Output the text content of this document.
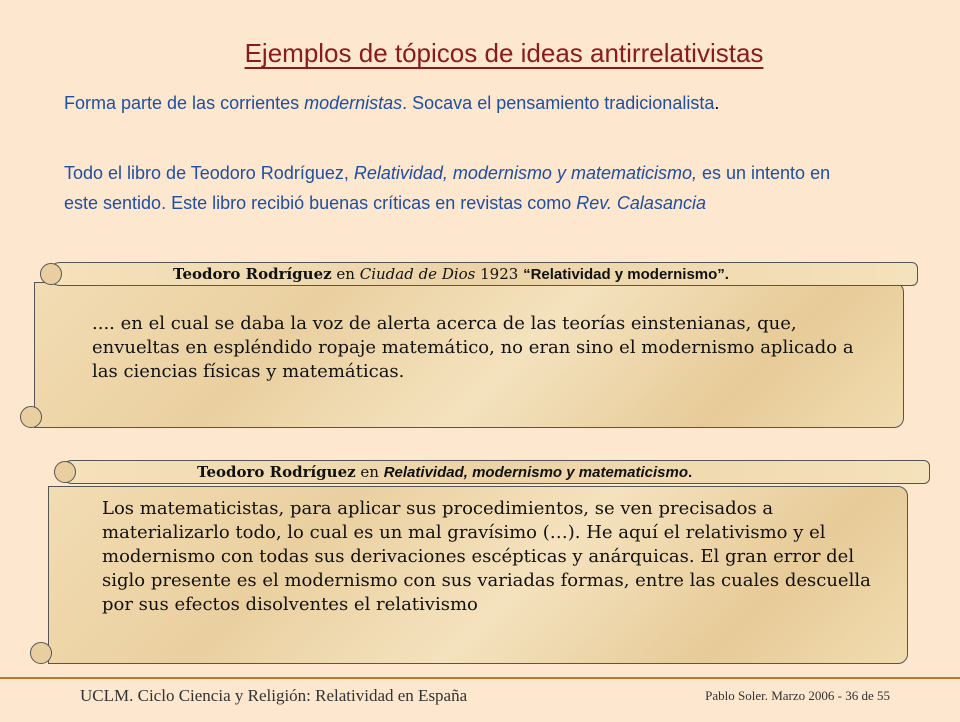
Ejemplos de tópicos de ideas antirrelativistas
Forma parte de las corrientes modernistas. Socava el pensamiento tradicionalista.
Todo el libro de Teodoro Rodríguez, Relatividad, modernismo y matematicismo, es un intento en este sentido. Este libro recibió buenas críticas en revistas como Rev. Calasancia
Teodoro Rodríguez en Ciudad de Dios 1923 “Relatividad y modernismo”.
.... en el cual se daba la voz de alerta acerca de las teorías einstenianas, que, envueltas en espléndido ropaje matemático, no eran sino el modernismo aplicado a las ciencias físicas y matemáticas.
Teodoro Rodríguez en Relatividad, modernismo y matematicismo.
Los matematicistas, para aplicar sus procedimientos, se ven precisados a materializarlo todo, lo cual es un mal gravísimo (…). He aquí el relativismo y el modernismo con todas sus derivaciones escépticas y anárquicas. El gran error del siglo presente es el modernismo con sus variadas formas, entre las cuales descuella por sus efectos disolventes el relativismo
UCLM. Ciclo Ciencia y Religión: Relatividad en España	Pablo Soler. Marzo 2006 - 36 de 55
